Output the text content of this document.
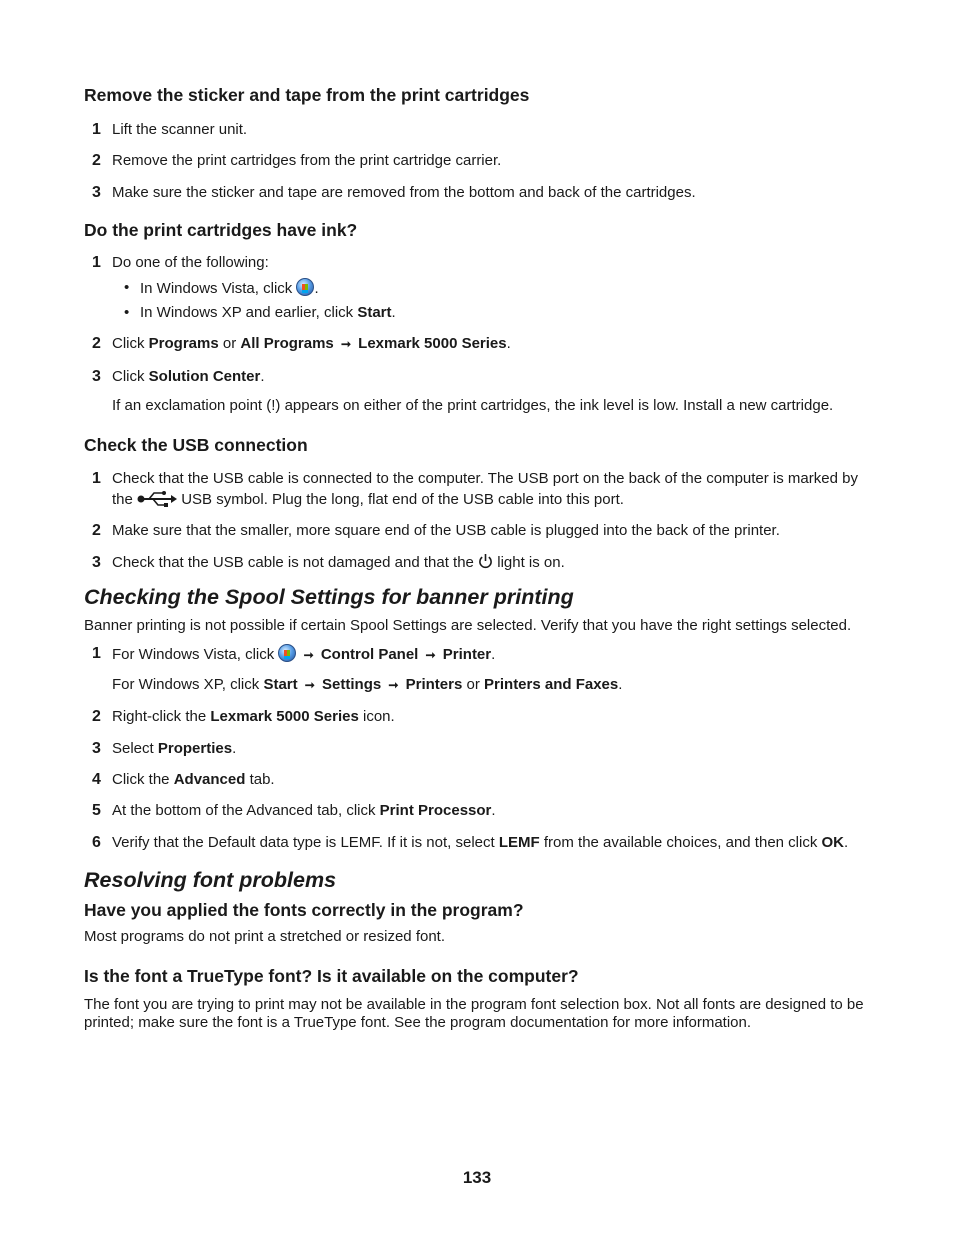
Remove the sticker and tape from the print cartridges
1 Lift the scanner unit.
2 Remove the print cartridges from the print cartridge carrier.
3 Make sure the sticker and tape are removed from the bottom and back of the cartridges.
Do the print cartridges have ink?
1 Do one of the following:
• In Windows Vista, click .
• In Windows XP and earlier, click Start.
2 Click Programs or All Programs ➞ Lexmark 5000 Series.
3 Click Solution Center.
If an exclamation point (!) appears on either of the print cartridges, the ink level is low. Install a new cartridge.
Check the USB connection
1 Check that the USB cable is connected to the computer. The USB port on the back of the computer is marked by the	USB symbol. Plug the long, flat end of the USB cable into this port.
2 Make sure that the smaller, more square end of the USB cable is plugged into the back of the printer.
3 Check that the USB cable is not damaged and that the light is on.
Checking the Spool Settings for banner printing
Banner printing is not possible if certain Spool Settings are selected. Verify that you have the right settings selected.
1 For Windows Vista, click ➞ Control Panel ➞ Printer.
For Windows XP, click Start ➞ Settings ➞ Printers or Printers and Faxes.
2 Right-click the Lexmark 5000 Series icon.
3 Select Properties.
4 Click the Advanced tab.
5 At the bottom of the Advanced tab, click Print Processor.
6 Verify that the Default data type is LEMF. If it is not, select LEMF from the available choices, and then click OK.
Resolving font problems
Have you applied the fonts correctly in the program?
Most programs do not print a stretched or resized font.
Is the font a TrueType font? Is it available on the computer?
The font you are trying to print may not be available in the program font selection box. Not all fonts are designed to be printed; make sure the font is a TrueType font. See the program documentation for more information.
133
